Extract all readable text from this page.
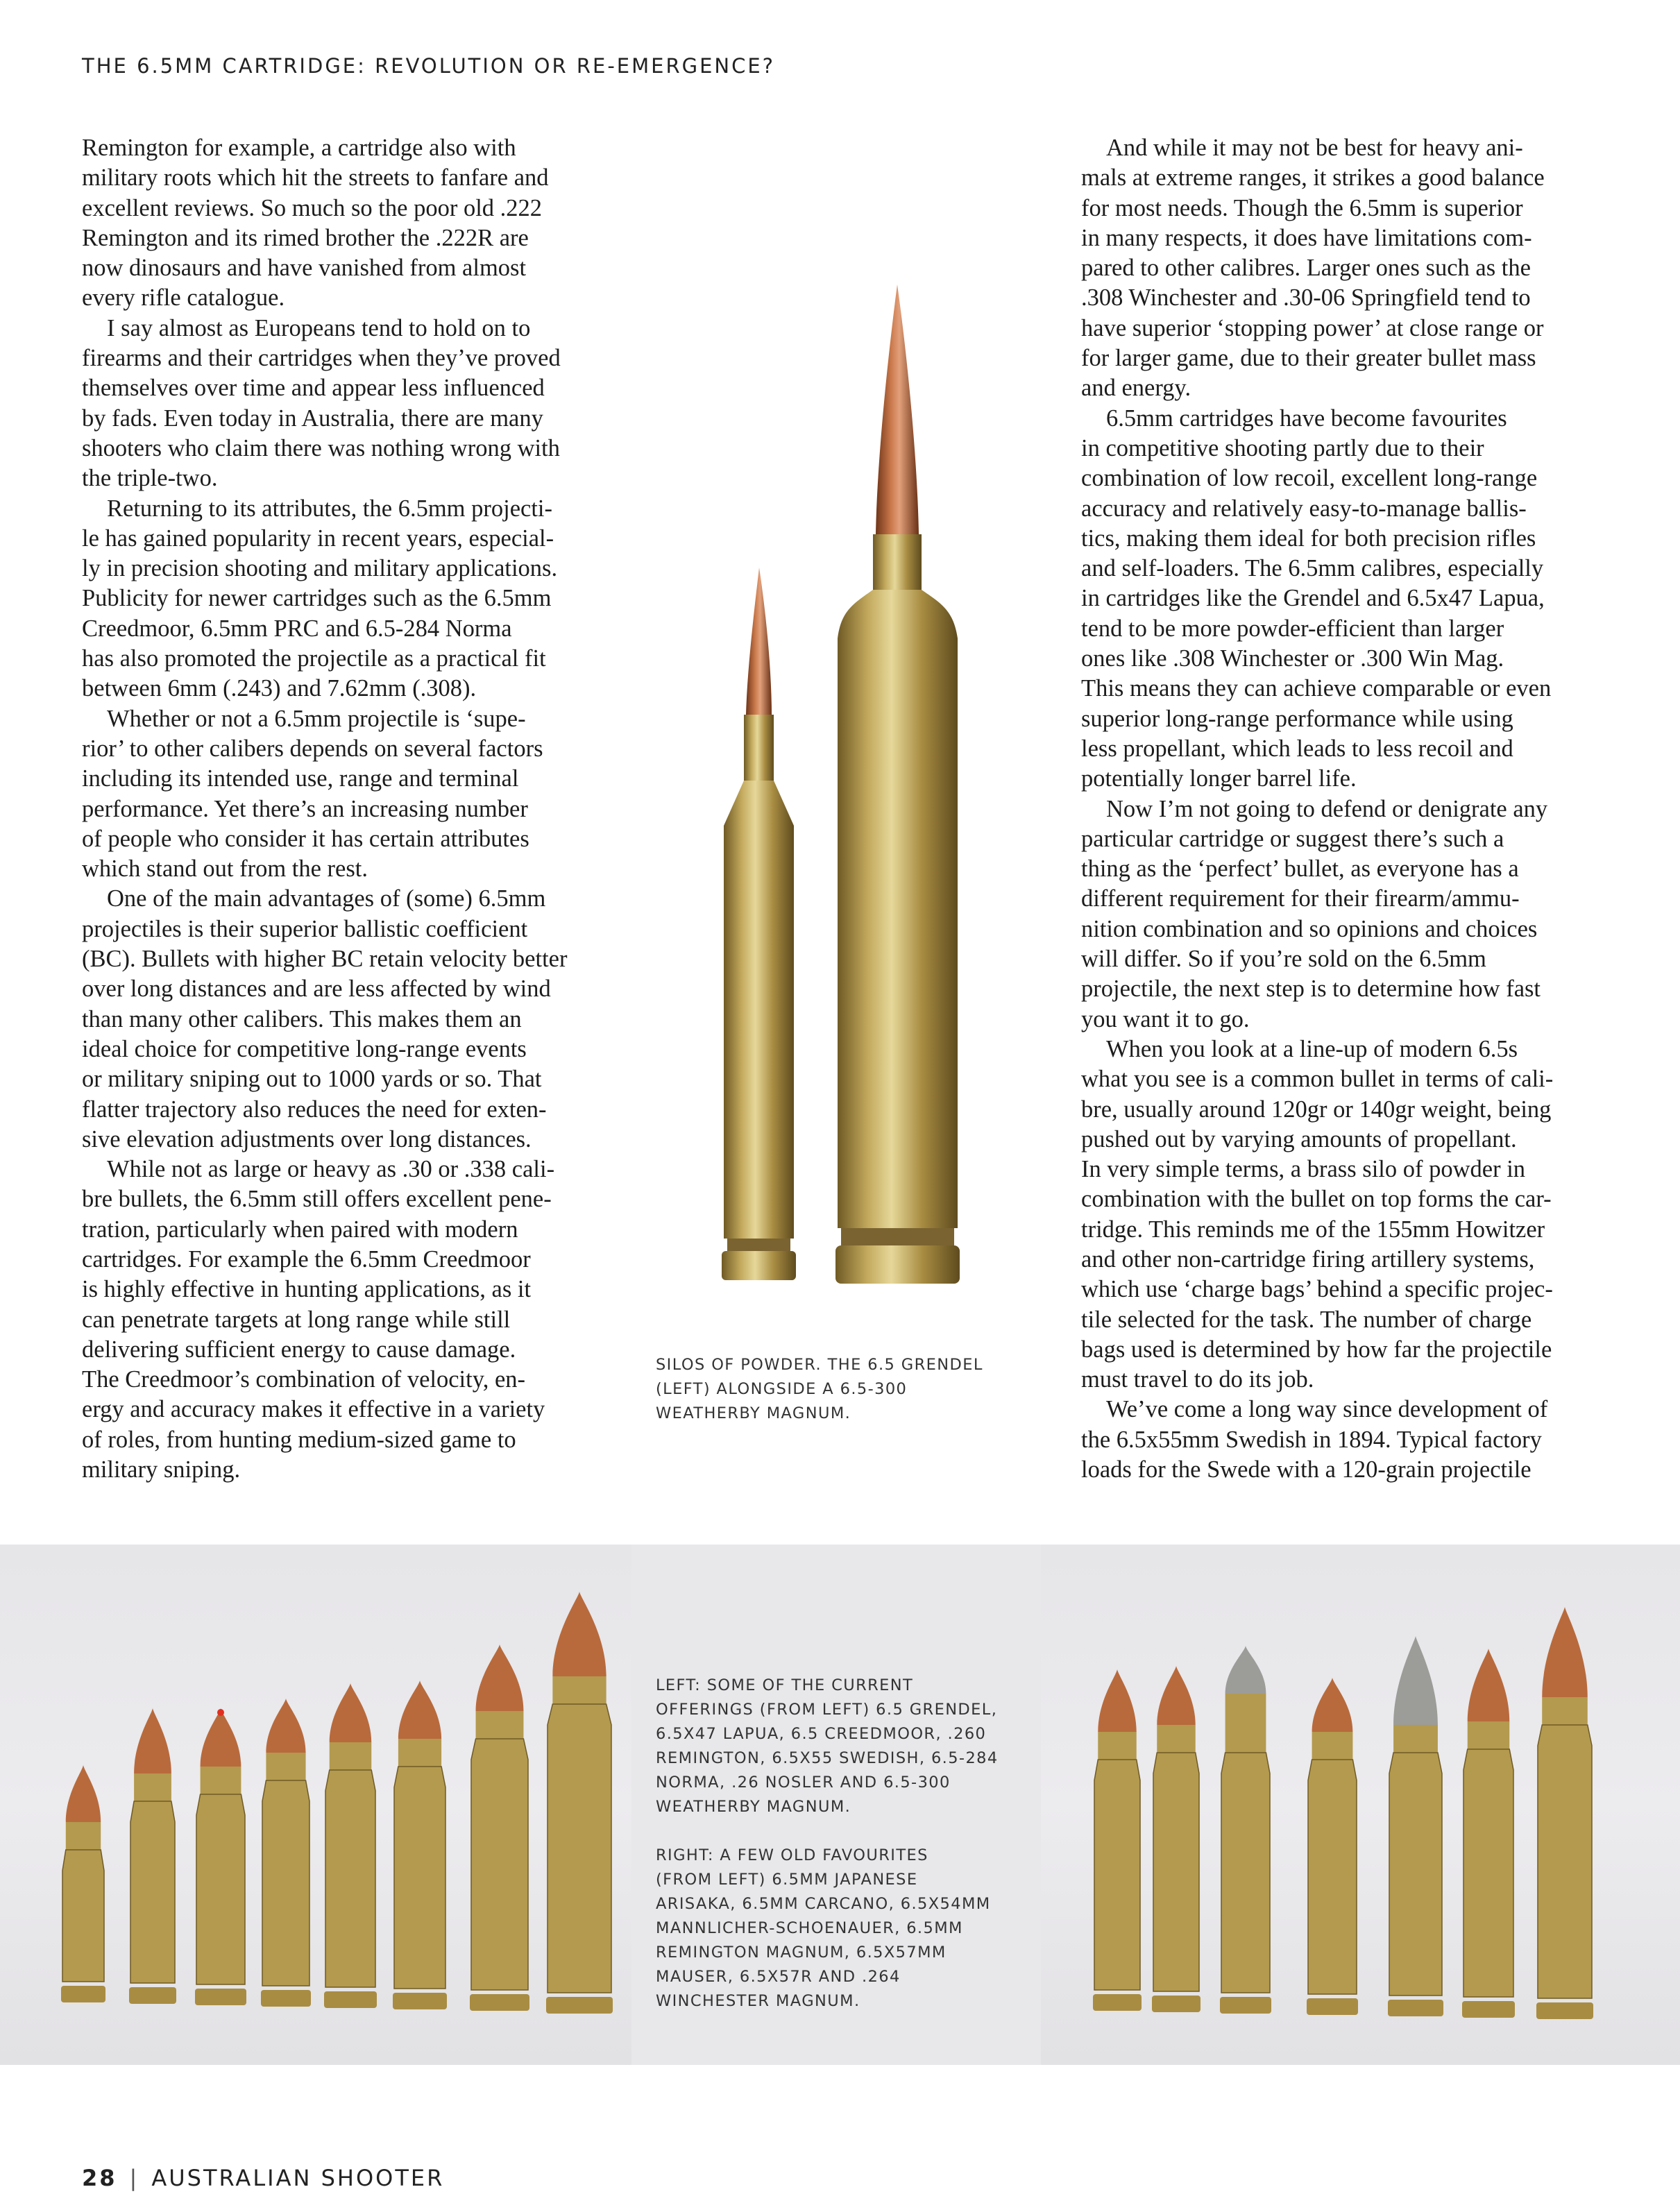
THE 6.5MM CARTRIDGE: REVOLUTION OR RE-EMERGENCE?

Remington for example, a cartridge also with

military roots which hit the streets to fanfare and

excellent reviews. So much so the poor old .222

Remington and its rimed brother the .222R are

now dinosaurs and have vanished from almost

every rifle catalogue.

I say almost as Europeans tend to hold on to

firearms and their cartridges when they’ve proved

themselves over time and appear less influenced

by fads. Even today in Australia, there are many

shooters who claim there was nothing wrong with

the triple-two.

Returning to its attributes, the 6.5mm projecti-

le has gained popularity in recent years, especial-

ly in precision shooting and military applications.

Publicity for newer cartridges such as the 6.5mm

Creedmoor, 6.5mm PRC and 6.5-284 Norma

has also promoted the projectile as a practical fit

between 6mm (.243) and 7.62mm (.308).

Whether or not a 6.5mm projectile is ‘supe-

rior’ to other calibers depends on several factors

including its intended use, range and terminal

performance. Yet there’s an increasing number

of people who consider it has certain attributes

which stand out from the rest.

One of the main advantages of (some) 6.5mm

projectiles is their superior ballistic coefficient

(BC). Bullets with higher BC retain velocity better

over long distances and are less affected by wind

than many other calibers. This makes them an

ideal choice for competitive long-range events

or military sniping out to 1000 yards or so. That

flatter trajectory also reduces the need for exten-

sive elevation adjustments over long distances.

While not as large or heavy as .30 or .338 cali-

bre bullets, the 6.5mm still offers excellent pene-

tration, particularly when paired with modern

cartridges. For example the 6.5mm Creedmoor

is highly effective in hunting applications, as it

can penetrate targets at long range while still

delivering sufficient energy to cause damage.

The Creedmoor’s combination of velocity, en-

ergy and accuracy makes it effective in a variety

of roles, from hunting medium-sized game to

military sniping.

And while it may not be best for heavy ani-

mals at extreme ranges, it strikes a good balance

for most needs. Though the 6.5mm is superior

in many respects, it does have limitations com-

pared to other calibres. Larger ones such as the

.308 Winchester and .30-06 Springfield tend to

have superior ‘stopping power’ at close range or

for larger game, due to their greater bullet mass

and energy.

6.5mm cartridges have become favourites

in competitive shooting partly due to their

combination of low recoil, excellent long-range

accuracy and relatively easy-to-manage ballis-

tics, making them ideal for both precision rifles

and self-loaders. The 6.5mm calibres, especially

in cartridges like the Grendel and 6.5x47 Lapua,

tend to be more powder-efficient than larger

ones like .308 Winchester or .300 Win Mag.

This means they can achieve comparable or even

superior long-range performance while using

less propellant, which leads to less recoil and

potentially longer barrel life.

Now I’m not going to defend or denigrate any

particular cartridge or suggest there’s such a

thing as the ‘perfect’ bullet, as everyone has a

different requirement for their firearm/ammu-

nition combination and so opinions and choices

will differ. So if you’re sold on the 6.5mm

projectile, the next step is to determine how fast

you want it to go.

When you look at a line-up of modern 6.5s

what you see is a common bullet in terms of cali-

bre, usually around 120gr or 140gr weight, being

pushed out by varying amounts of propellant.

In very simple terms, a brass silo of powder in

combination with the bullet on top forms the car-

tridge. This reminds me of the 155mm Howitzer

and other non-cartridge firing artillery systems,

which use ‘charge bags’ behind a specific projec-

tile selected for the task. The number of charge

bags used is determined by how far the projectile

must travel to do its job.

We’ve come a long way since development of

the 6.5x55mm Swedish in 1894. Typical factory

loads for the Swede with a 120-grain projectile

SILOS OF POWDER. THE 6.5 GRENDEL

(LEFT) ALONGSIDE A 6.5-300

WEATHERBY MAGNUM.

LEFT: SOME OF THE CURRENT

OFFERINGS (FROM LEFT) 6.5 GRENDEL,

6.5X47 LAPUA, 6.5 CREEDMOOR, .260

REMINGTON, 6.5X55 SWEDISH, 6.5-284

NORMA, .26 NOSLER AND 6.5-300

WEATHERBY MAGNUM.

RIGHT: A FEW OLD FAVOURITES

(FROM LEFT) 6.5MM JAPANESE

ARISAKA, 6.5MM CARCANO, 6.5X54MM

MANNLICHER-SCHOENAUER, 6.5MM

REMINGTON MAGNUM, 6.5X57MM

MAUSER, 6.5X57R AND .264

WINCHESTER MAGNUM.

28 | AUSTRALIAN SHOOTER
